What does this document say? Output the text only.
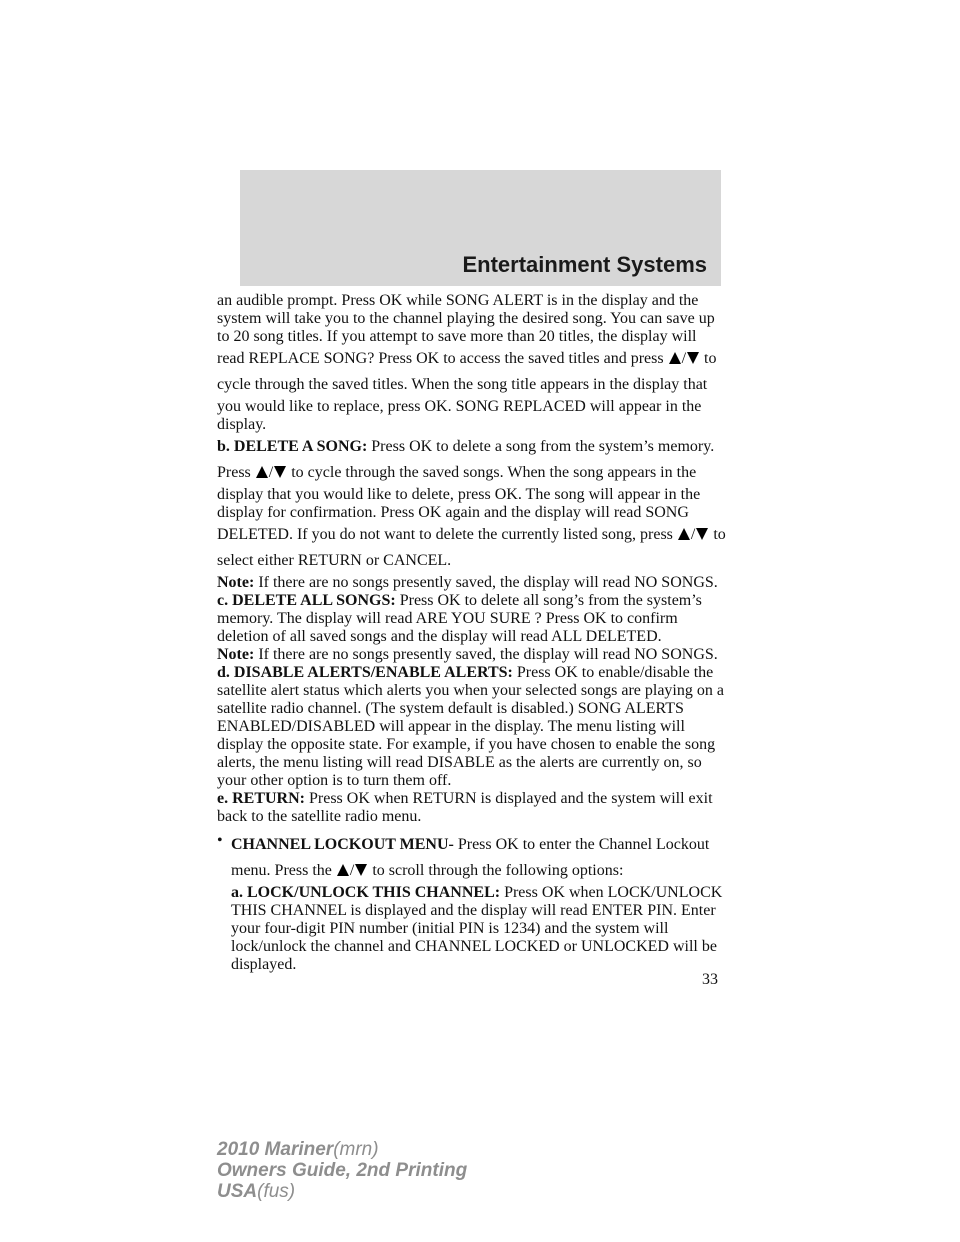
Entertainment Systems

an audible prompt. Press OK while SONG ALERT is in the display and the system will take you to the channel playing the desired song. You can save up to 20 song titles. If you attempt to save more than 20 titles, the display will read REPLACE SONG? Press OK to access the saved titles and press / to cycle through the saved titles. When the song title appears in the display that you would like to replace, press OK. SONG REPLACED will appear in the display.

b. DELETE A SONG: Press OK to delete a song from the system’s memory. Press / to cycle through the saved songs. When the song appears in the display that you would like to delete, press OK. The song will appear in the display for confirmation. Press OK again and the display will read SONG DELETED. If you do not want to delete the currently listed song, press / to select either RETURN or CANCEL.

Note: If there are no songs presently saved, the display will read NO SONGS.

c. DELETE ALL SONGS: Press OK to delete all song’s from the system’s memory. The display will read ARE YOU SURE ? Press OK to confirm deletion of all saved songs and the display will read ALL DELETED.

Note: If there are no songs presently saved, the display will read NO SONGS.

d. DISABLE ALERTS/ENABLE ALERTS: Press OK to enable/disable the satellite alert status which alerts you when your selected songs are playing on a satellite radio channel. (The system default is disabled.) SONG ALERTS ENABLED/DISABLED will appear in the display. The menu listing will display the opposite state. For example, if you have chosen to enable the song alerts, the menu listing will read DISABLE as the alerts are currently on, so your other option is to turn them off.

e. RETURN: Press OK when RETURN is displayed and the system will exit back to the satellite radio menu.

• CHANNEL LOCKOUT MENU- Press OK to enter the Channel Lockout menu. Press the / to scroll through the following options:

a. LOCK/UNLOCK THIS CHANNEL: Press OK when LOCK/UNLOCK THIS CHANNEL is displayed and the display will read ENTER PIN. Enter your four-digit PIN number (initial PIN is 1234) and the system will lock/unlock the channel and CHANNEL LOCKED or UNLOCKED will be displayed.

33
2010 Mariner(mrn)
Owners Guide, 2nd Printing
USA(fus)
